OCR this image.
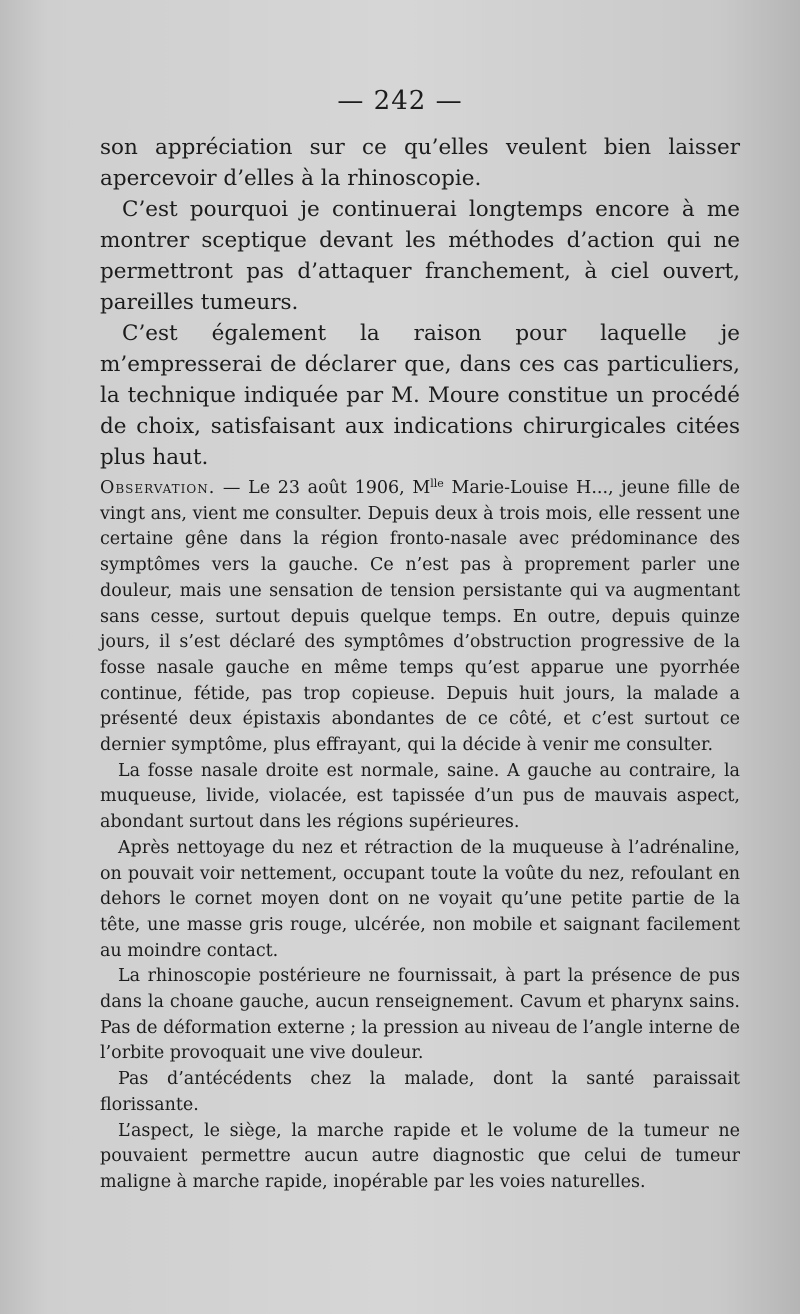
— 242 —

son appréciation sur ce qu’elles veulent bien laisser apercevoir d’elles à la rhinoscopie.

C’est pourquoi je continuerai longtemps encore à me montrer sceptique devant les méthodes d’action qui ne permettront pas d’attaquer franchement, à ciel ouvert, pareilles tumeurs.

C’est également la raison pour laquelle je m’empresserai de déclarer que, dans ces cas particuliers, la technique indiquée par M. Moure constitue un procédé de choix, satisfaisant aux indications chirurgicales citées plus haut.

Observation. — Le 23 août 1906, $M^{lle}$ Marie-Louise H..., jeune fille de vingt ans, vient me consulter. Depuis deux à trois mois, elle ressent une certaine gêne dans la région fronto-nasale avec prédominance des symptômes vers la gauche. Ce n’est pas à proprement parler une douleur, mais une sensation de tension persistante qui va augmentant sans cesse, surtout depuis quelque temps. En outre, depuis quinze jours, il s’est déclaré des symptômes d’obstruction progressive de la fosse nasale gauche en même temps qu’est apparue une pyorrhée continue, fétide, pas trop copieuse. Depuis huit jours, la malade a présenté deux épistaxis abondantes de ce côté, et c’est surtout ce dernier symptôme, plus effrayant, qui la décide à venir me consulter.

La fosse nasale droite est normale, saine. A gauche au contraire, la muqueuse, livide, violacée, est tapissée d’un pus de mauvais aspect, abondant surtout dans les régions supérieures.

Après nettoyage du nez et rétraction de la muqueuse à l’adrénaline, on pouvait voir nettement, occupant toute la voûte du nez, refoulant en dehors le cornet moyen dont on ne voyait qu’une petite partie de la tête, une masse gris rouge, ulcérée, non mobile et saignant facilement au moindre contact.

La rhinoscopie postérieure ne fournissait, à part la présence de pus dans la choane gauche, aucun renseignement. Cavum et pharynx sains. Pas de déformation externe ; la pression au niveau de l’angle interne de l’orbite provoquait une vive douleur.

Pas d’antécédents chez la malade, dont la santé paraissait florissante.

L’aspect, le siège, la marche rapide et le volume de la tumeur ne pouvaient permettre aucun autre diagnostic que celui de tumeur maligne à marche rapide, inopérable par les voies naturelles.
